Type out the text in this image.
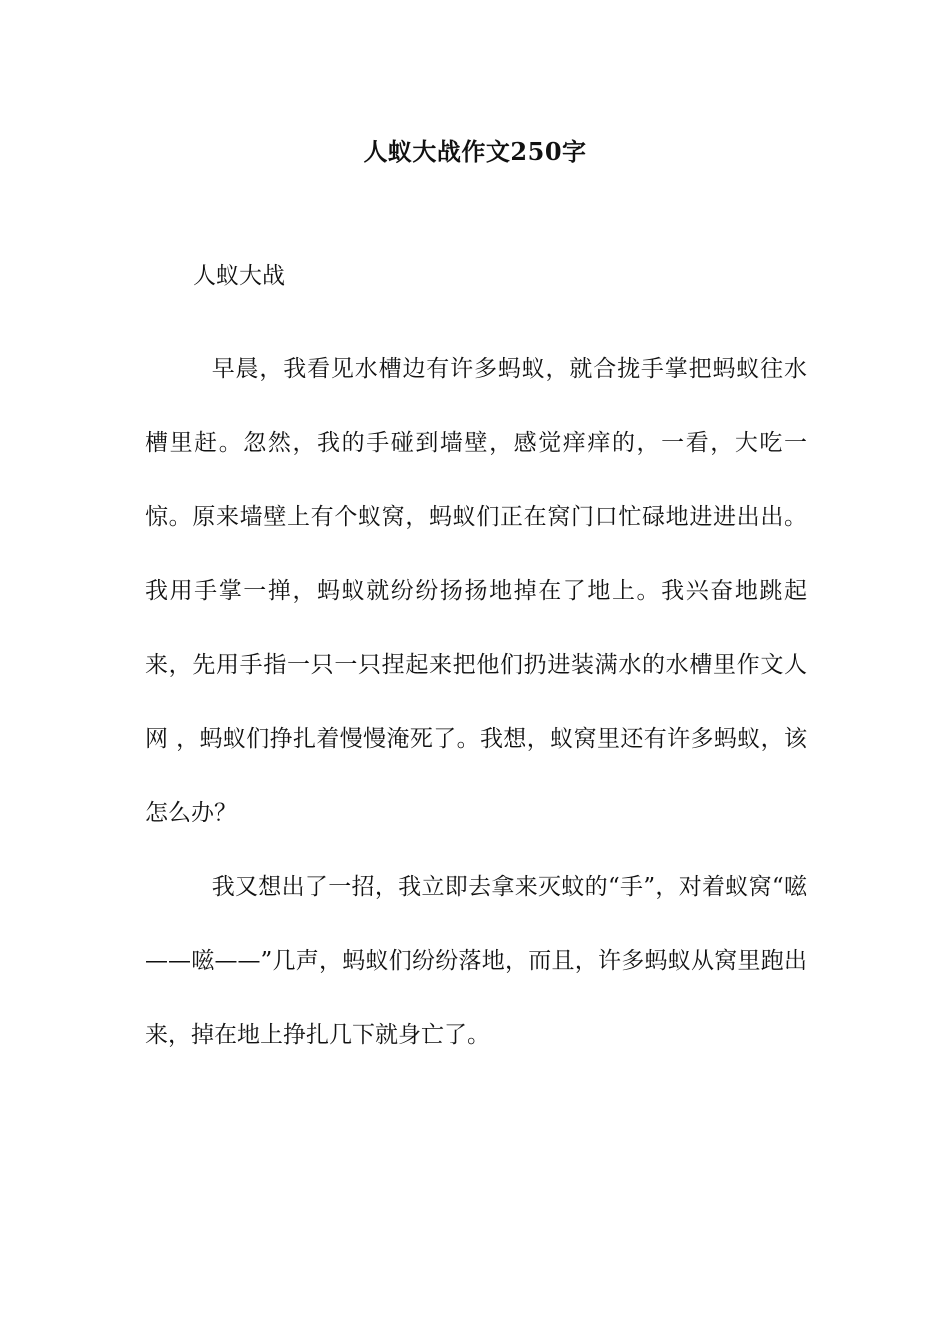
人蚁大战作文250字
人蚁大战

早晨，我看见水槽边有许多蚂蚁，就合拢手掌把蚂蚁往水槽里赶。忽然，我的手碰到墙壁，感觉痒痒的，一看，大吃一惊。原来墙壁上有个蚁窝，蚂蚁们正在窝门口忙碌地进进出出。我用手掌一掸，蚂蚁就纷纷扬扬地掉在了地上。我兴奋地跳起来，先用手指一只一只捏起来把他们扔进装满水的水槽里作文人网 ，蚂蚁们挣扎着慢慢淹死了。我想，蚁窝里还有许多蚂蚁，该怎么办？

我又想出了一招，我立即去拿来灭蚊的“手”，对着蚁窝“嗞——嗞——”几声，蚂蚁们纷纷落地，而且，许多蚂蚁从窝里跑出来，掉在地上挣扎几下就身亡了。
